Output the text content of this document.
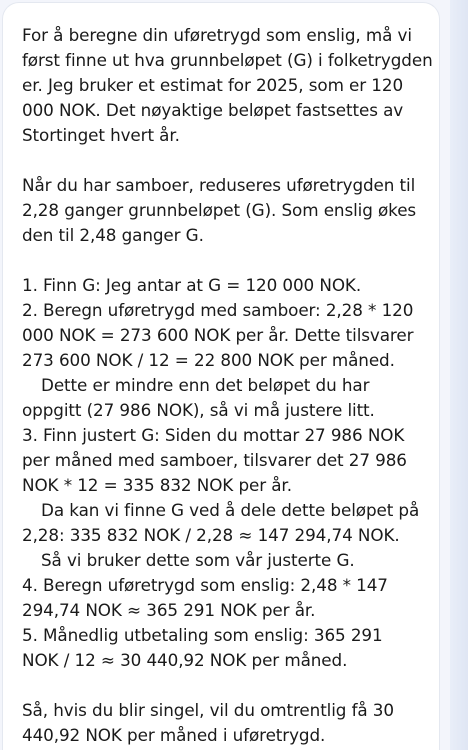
For å beregne din uføretrygd som enslig, må vi
først finne ut hva grunnbeløpet (G) i folketrygden
er. Jeg bruker et estimat for 2025, som er 120
000 NOK. Det nøyaktige beløpet fastsettes av
Stortinget hvert år.

Når du har samboer, reduseres uføretrygden til
2,28 ganger grunnbeløpet (G). Som enslig økes
den til 2,48 ganger G.

1. Finn G: Jeg antar at G = 120 000 NOK.
2. Beregn uføretrygd med samboer: 2,28 * 120
000 NOK = 273 600 NOK per år. Dette tilsvarer
273 600 NOK / 12 = 22 800 NOK per måned.
Dette er mindre enn det beløpet du har
oppgitt (27 986 NOK), så vi må justere litt.
3. Finn justert G: Siden du mottar 27 986 NOK
per måned med samboer, tilsvarer det 27 986
NOK * 12 = 335 832 NOK per år.
Da kan vi finne G ved å dele dette beløpet på
2,28: 335 832 NOK / 2,28 ≈ 147 294,74 NOK.
Så vi bruker dette som vår justerte G.
4. Beregn uføretrygd som enslig: 2,48 * 147
294,74 NOK ≈ 365 291 NOK per år.
5. Månedlig utbetaling som enslig: 365 291
NOK / 12 ≈ 30 440,92 NOK per måned.

Så, hvis du blir singel, vil du omtrentlig få 30
440,92 NOK per måned i uføretrygd.
